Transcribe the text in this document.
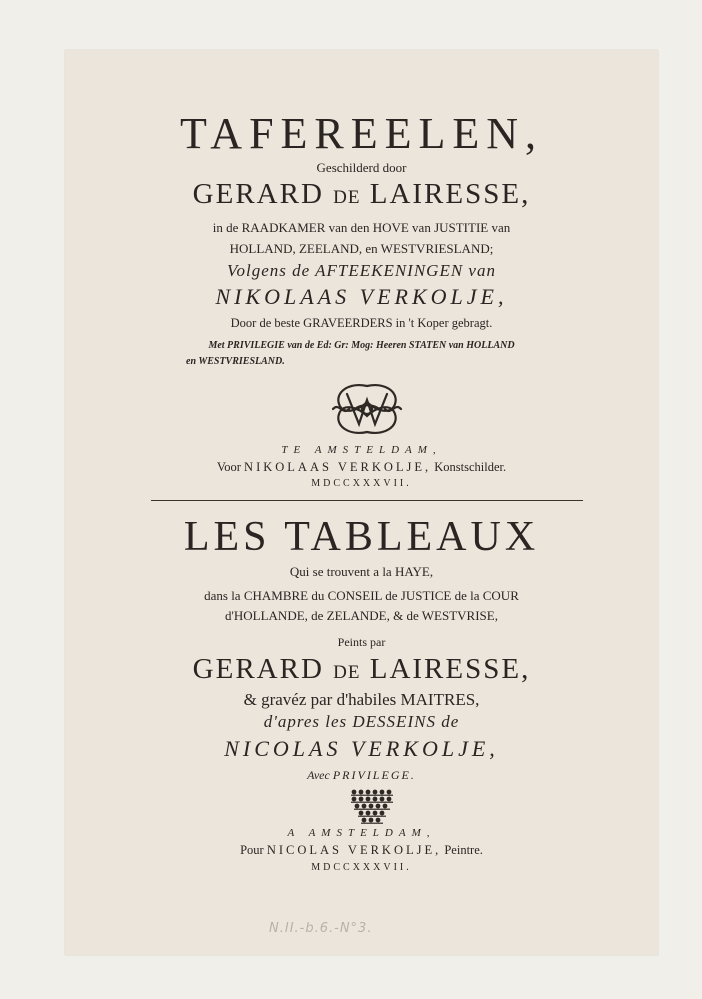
TAFEREELEN,
Geschilderd door
GERARD DE LAIRESSE,
in de RAADKAMER van den HOVE van JUSTITIE van
HOLLAND, ZEELAND, en WESTVRIESLAND;
Volgens de AFTEEKENINGEN van
NIKOLAAS VERKOLJE,
Door de beste GRAVEERDERS in 't Koper gebragt.
Met PRIVILEGIE van de Ed: Gr: Mog: Heeren STATEN van HOLLAND
en WESTVRIESLAND.
TE AMSTELDAM,
Voor NIKOLAAS VERKOLJE, Konstschilder.
MDCCXXXVII.
LES TABLEAUX
Qui se trouvent a la HAYE,
dans la CHAMBRE du CONSEIL de JUSTICE de la COUR
d'HOLLANDE, de ZELANDE, & de WESTVRISE,
Peints par
GERARD DE LAIRESSE,
& gravéz par d'habiles MAITRES,
d'apres les DESSEINS de
NICOLAS VERKOLJE,
Avec PRIVILEGE.
A AMSTELDAM,
Pour NICOLAS VERKOLJE, Peintre.
MDCCXXXVII.
N.II.-b.6.-N°3.
